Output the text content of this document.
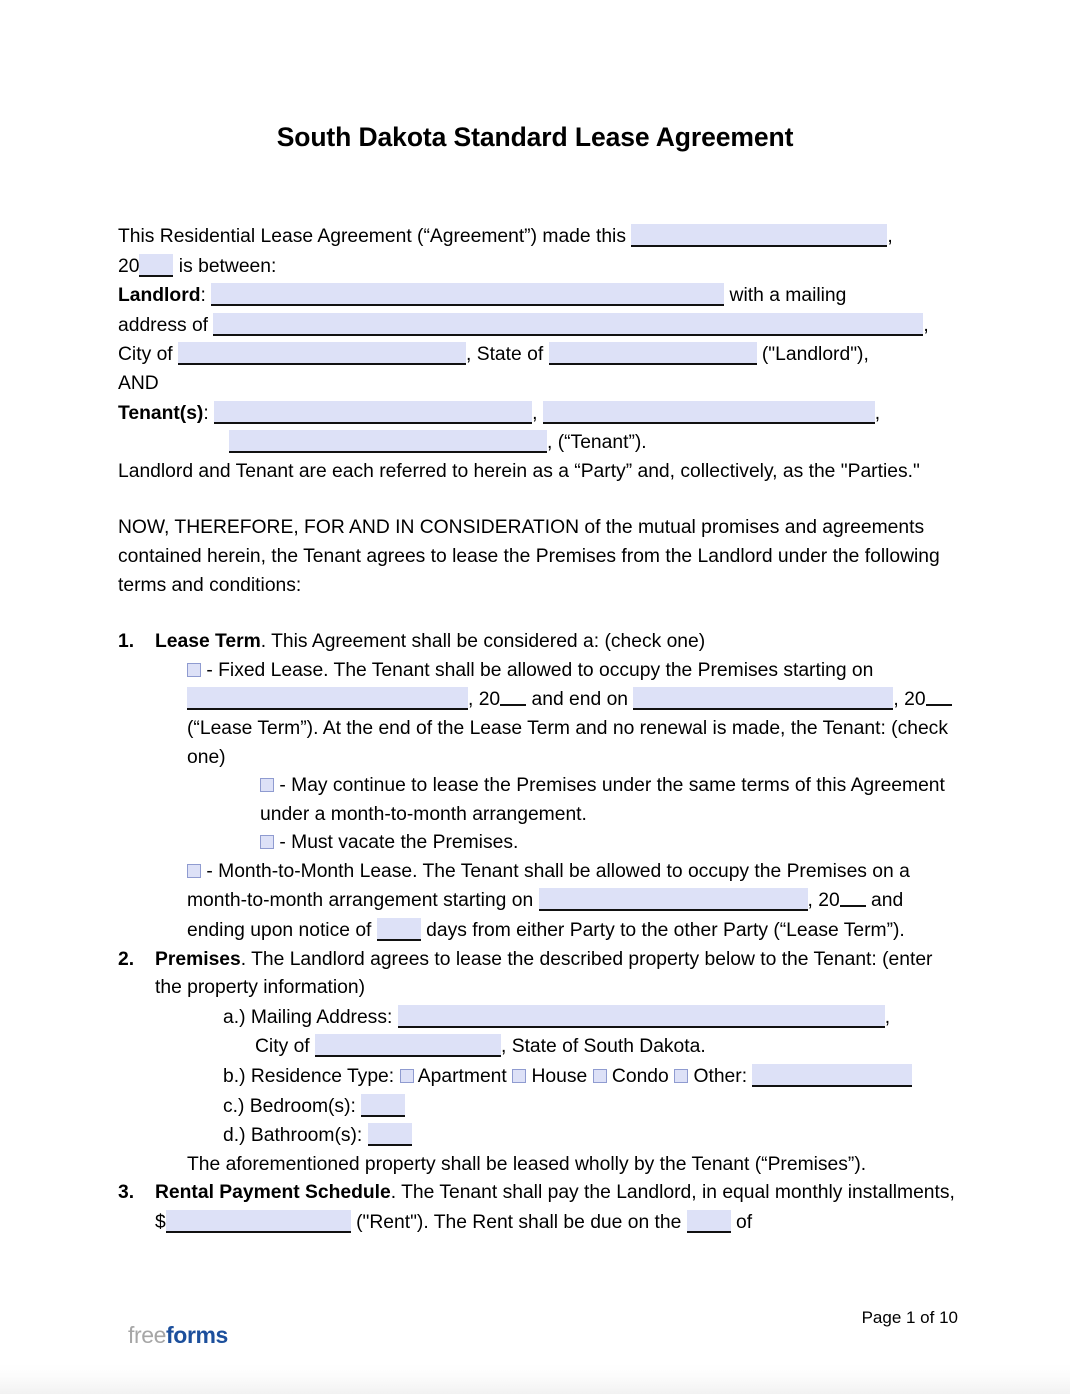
South Dakota Standard Lease Agreement

This Residential Lease Agreement (“Agreement”) made this	,
20 is between:

Landlord:	with a mailing
address of	,
City of	, State of	("Landlord"),
AND

Tenant(s):	,	,
, (“Tenant”).

Landlord and Tenant are each referred to herein as a “Party” and, collectively, as the "Parties."

NOW, THEREFORE, FOR AND IN CONSIDERATION of the mutual promises and agreements contained herein, the Tenant agrees to lease the Premises from the Landlord under the following terms and conditions:

1.	Lease Term. This Agreement shall be considered a: (check one)

- Fixed Lease. The Tenant shall be allowed to occupy the Premises starting on
, 20 and end on	, 20

(“Lease Term”). At the end of the Lease Term and no renewal is made, the Tenant: (check one)

- May continue to lease the Premises under the same terms of this Agreement under a month-to-month arrangement.

- Must vacate the Premises.

- Month-to-Month Lease. The Tenant shall be allowed to occupy the Premises on a month-to-month arrangement starting on	, 20 and ending upon notice of  days from either Party to the other Party (“Lease Term”).

2.	Premises. The Landlord agrees to lease the described property below to the Tenant: (enter the property information)

a.) Mailing Address:	,

City of	, State of South Dakota.

b.) Residence Type:  Apartment  House  Condo  Other:

c.) Bedroom(s):

d.) Bathroom(s):

The aforementioned property shall be leased wholly by the Tenant (“Premises”).

3.	Rental Payment Schedule. The Tenant shall pay the Landlord, in equal monthly installments, $	("Rent"). The Rent shall be due on the  of

freeforms
Page 1 of 10
